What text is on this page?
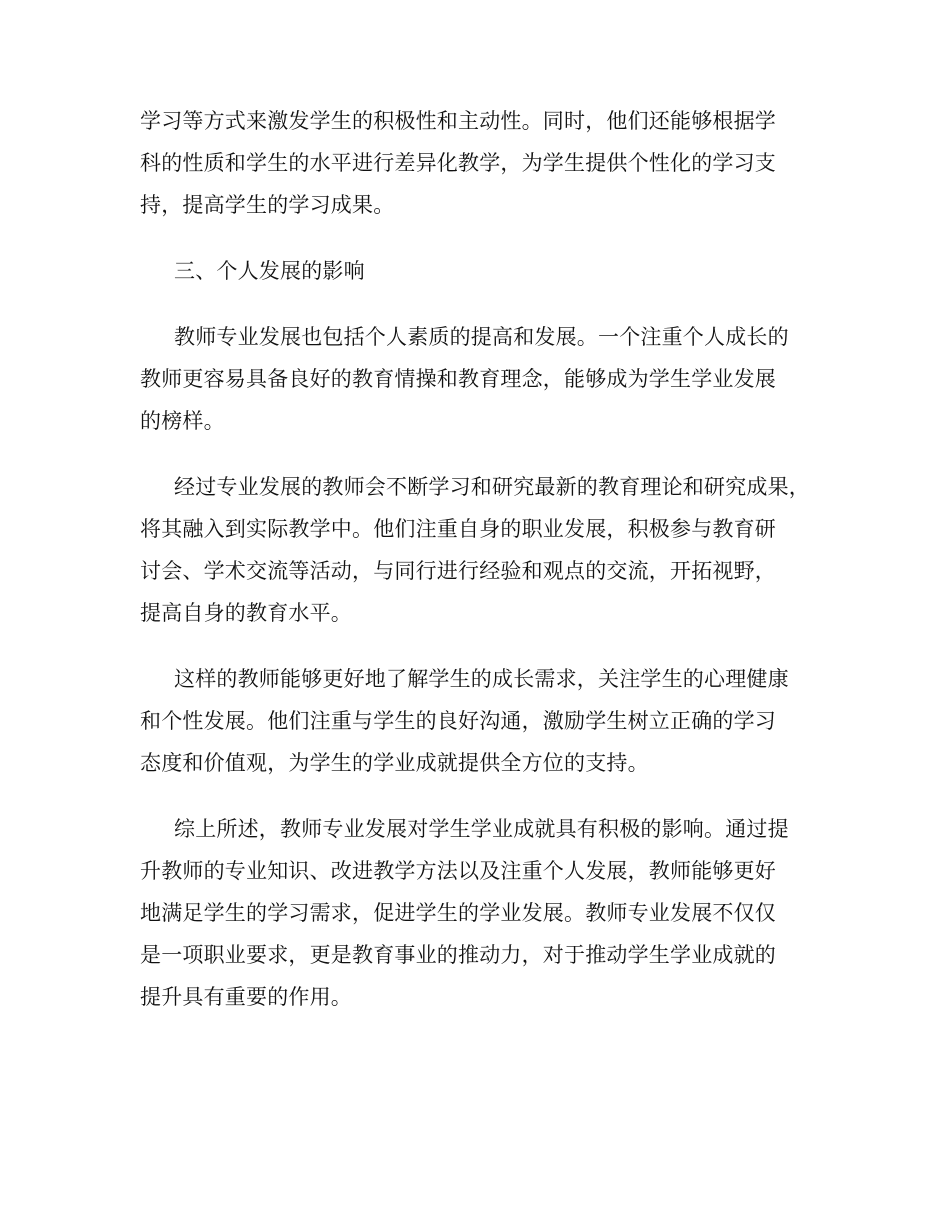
学习等方式来激发学生的积极性和主动性。同时，他们还能够根据学
科的性质和学生的水平进行差异化教学，为学生提供个性化的学习支
持，提高学生的学习成果。

三、个人发展的影响

教师专业发展也包括个人素质的提高和发展。一个注重个人成长的
教师更容易具备良好的教育情操和教育理念，能够成为学生学业发展
的榜样。

经过专业发展的教师会不断学习和研究最新的教育理论和研究成果，
将其融入到实际教学中。他们注重自身的职业发展，积极参与教育研
讨会、学术交流等活动，与同行进行经验和观点的交流，开拓视野，
提高自身的教育水平。

这样的教师能够更好地了解学生的成长需求，关注学生的心理健康
和个性发展。他们注重与学生的良好沟通，激励学生树立正确的学习
态度和价值观，为学生的学业成就提供全方位的支持。

综上所述，教师专业发展对学生学业成就具有积极的影响。通过提
升教师的专业知识、改进教学方法以及注重个人发展，教师能够更好
地满足学生的学习需求，促进学生的学业发展。教师专业发展不仅仅
是一项职业要求，更是教育事业的推动力，对于推动学生学业成就的
提升具有重要的作用。
